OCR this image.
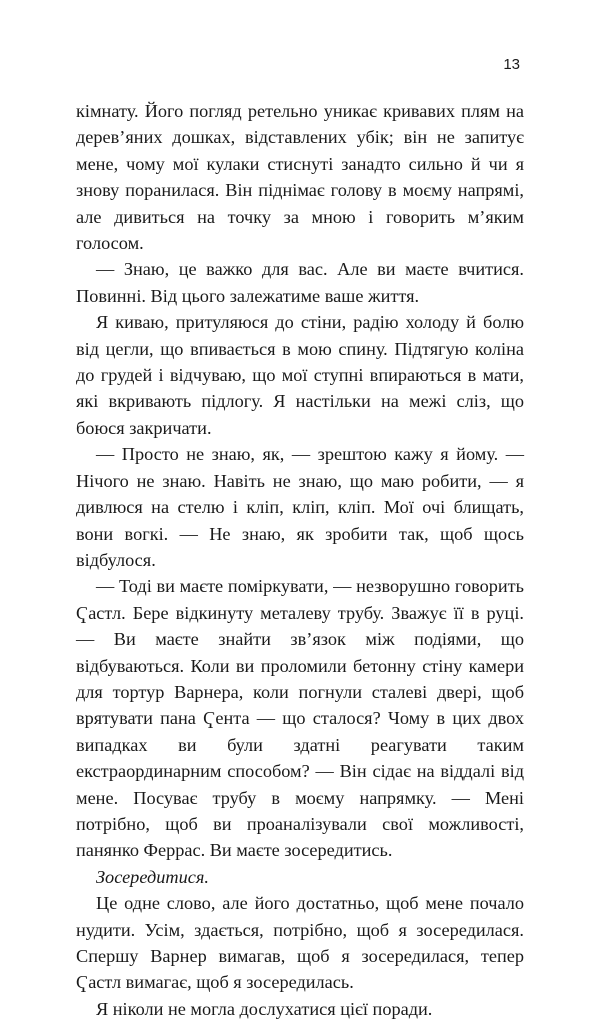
13

кімнату. Його погляд ретельно уникає кривавих плям на дерев’яних дошках, відставлених убік; він не запитує мене, чому мої кулаки стиснуті занадто сильно й чи я знову поранилася. Він піднімає голову в моєму напрямі, але дивиться на точку за мною і говорить м’яким голосом.

— Знаю, це важко для вас. Але ви маєте вчитися. Повинні. Від цього залежатиме ваше життя.

Я киваю, притуляюся до стіни, радію холоду й болю від цегли, що впивається в мою спину. Підтягую коліна до грудей і відчуваю, що мої ступні впираються в мати, які вкривають підлогу. Я настільки на межі сліз, що боюся закричати.

— Просто не знаю, як, — зрештою кажу я йому. — Нічого не знаю. Навіть не знаю, що маю робити, — я дивлюся на стелю і кліп, кліп, кліп. Мої очі блищать, вони вогкі. — Не знаю, як зробити так, щоб щось відбулося.

— Тоді ви маєте поміркувати, — незворушно говорить Ҁастл. Бере відкинуту металеву трубу. Зважує її в руці. — Ви маєте знайти зв’язок між подіями, що відбуваються. Коли ви проломили бетонну стіну камери для тортур Варнера, коли погнули сталеві двері, щоб врятувати пана Ҁента — що сталося? Чому в цих двох випадках ви були здатні реагувати таким екстраординарним способом? — Він сідає на віддалі від мене. Посуває трубу в моєму напрямку. — Мені потрібно, щоб ви проаналізували свої можливості, панянко Феррас. Ви маєте зосередитись.

Зосередитися.

Це одне слово, але його достатньо, щоб мене почало нудити. Усім, здається, потрібно, щоб я зосередилася. Спершу Варнер вимагав, щоб я зосередилася, тепер Ҁастл вимагає, щоб я зосередилась.

Я ніколи не могла дослухатися цієї поради.
